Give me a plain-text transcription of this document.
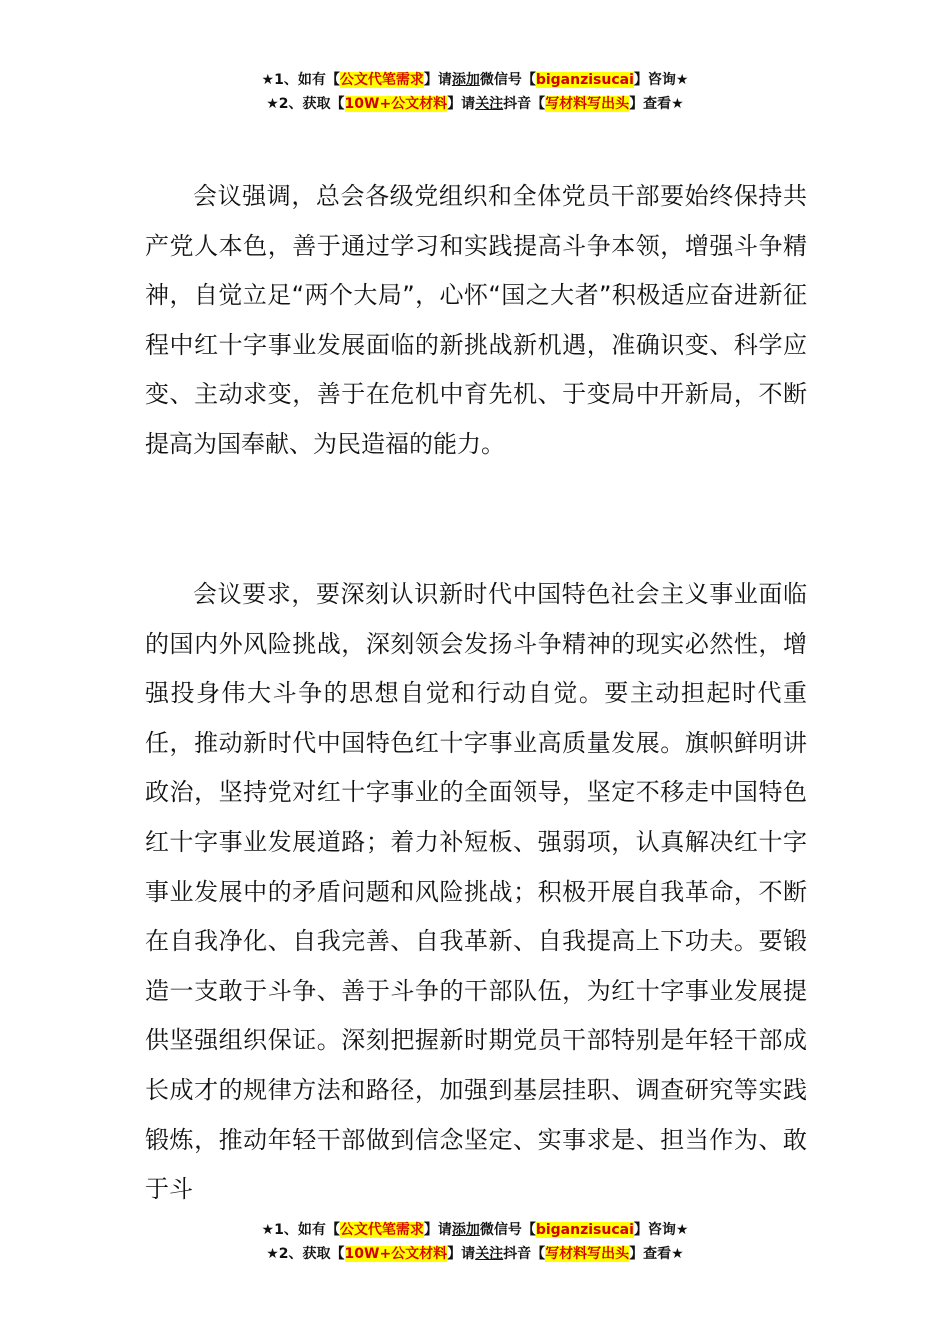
★1、如有【公文代笔需求】请添加微信号【biganzisucai】咨询★
★2、获取【10W+公文材料】请关注抖音【写材料写出头】查看★

会议强调，总会各级党组织和全体党员干部要始终保持共产党人本色，善于通过学习和实践提高斗争本领，增强斗争精神，自觉立足“两个大局”，心怀“国之大者”积极适应奋进新征程中红十字事业发展面临的新挑战新机遇，准确识变、科学应变、主动求变，善于在危机中育先机、于变局中开新局，不断提高为国奉献、为民造福的能力。

会议要求，要深刻认识新时代中国特色社会主义事业面临的国内外风险挑战，深刻领会发扬斗争精神的现实必然性，增强投身伟大斗争的思想自觉和行动自觉。要主动担起时代重任，推动新时代中国特色红十字事业高质量发展。旗帜鲜明讲政治，坚持党对红十字事业的全面领导，坚定不移走中国特色红十字事业发展道路；着力补短板、强弱项，认真解决红十字事业发展中的矛盾问题和风险挑战；积极开展自我革命，不断在自我净化、自我完善、自我革新、自我提高上下功夫。要锻造一支敢于斗争、善于斗争的干部队伍，为红十字事业发展提供坚强组织保证。深刻把握新时期党员干部特别是年轻干部成长成才的规律方法和路径，加强到基层挂职、调查研究等实践锻炼，推动年轻干部做到信念坚定、实事求是、担当作为、敢于斗

★1、如有【公文代笔需求】请添加微信号【biganzisucai】咨询★
★2、获取【10W+公文材料】请关注抖音【写材料写出头】查看★
